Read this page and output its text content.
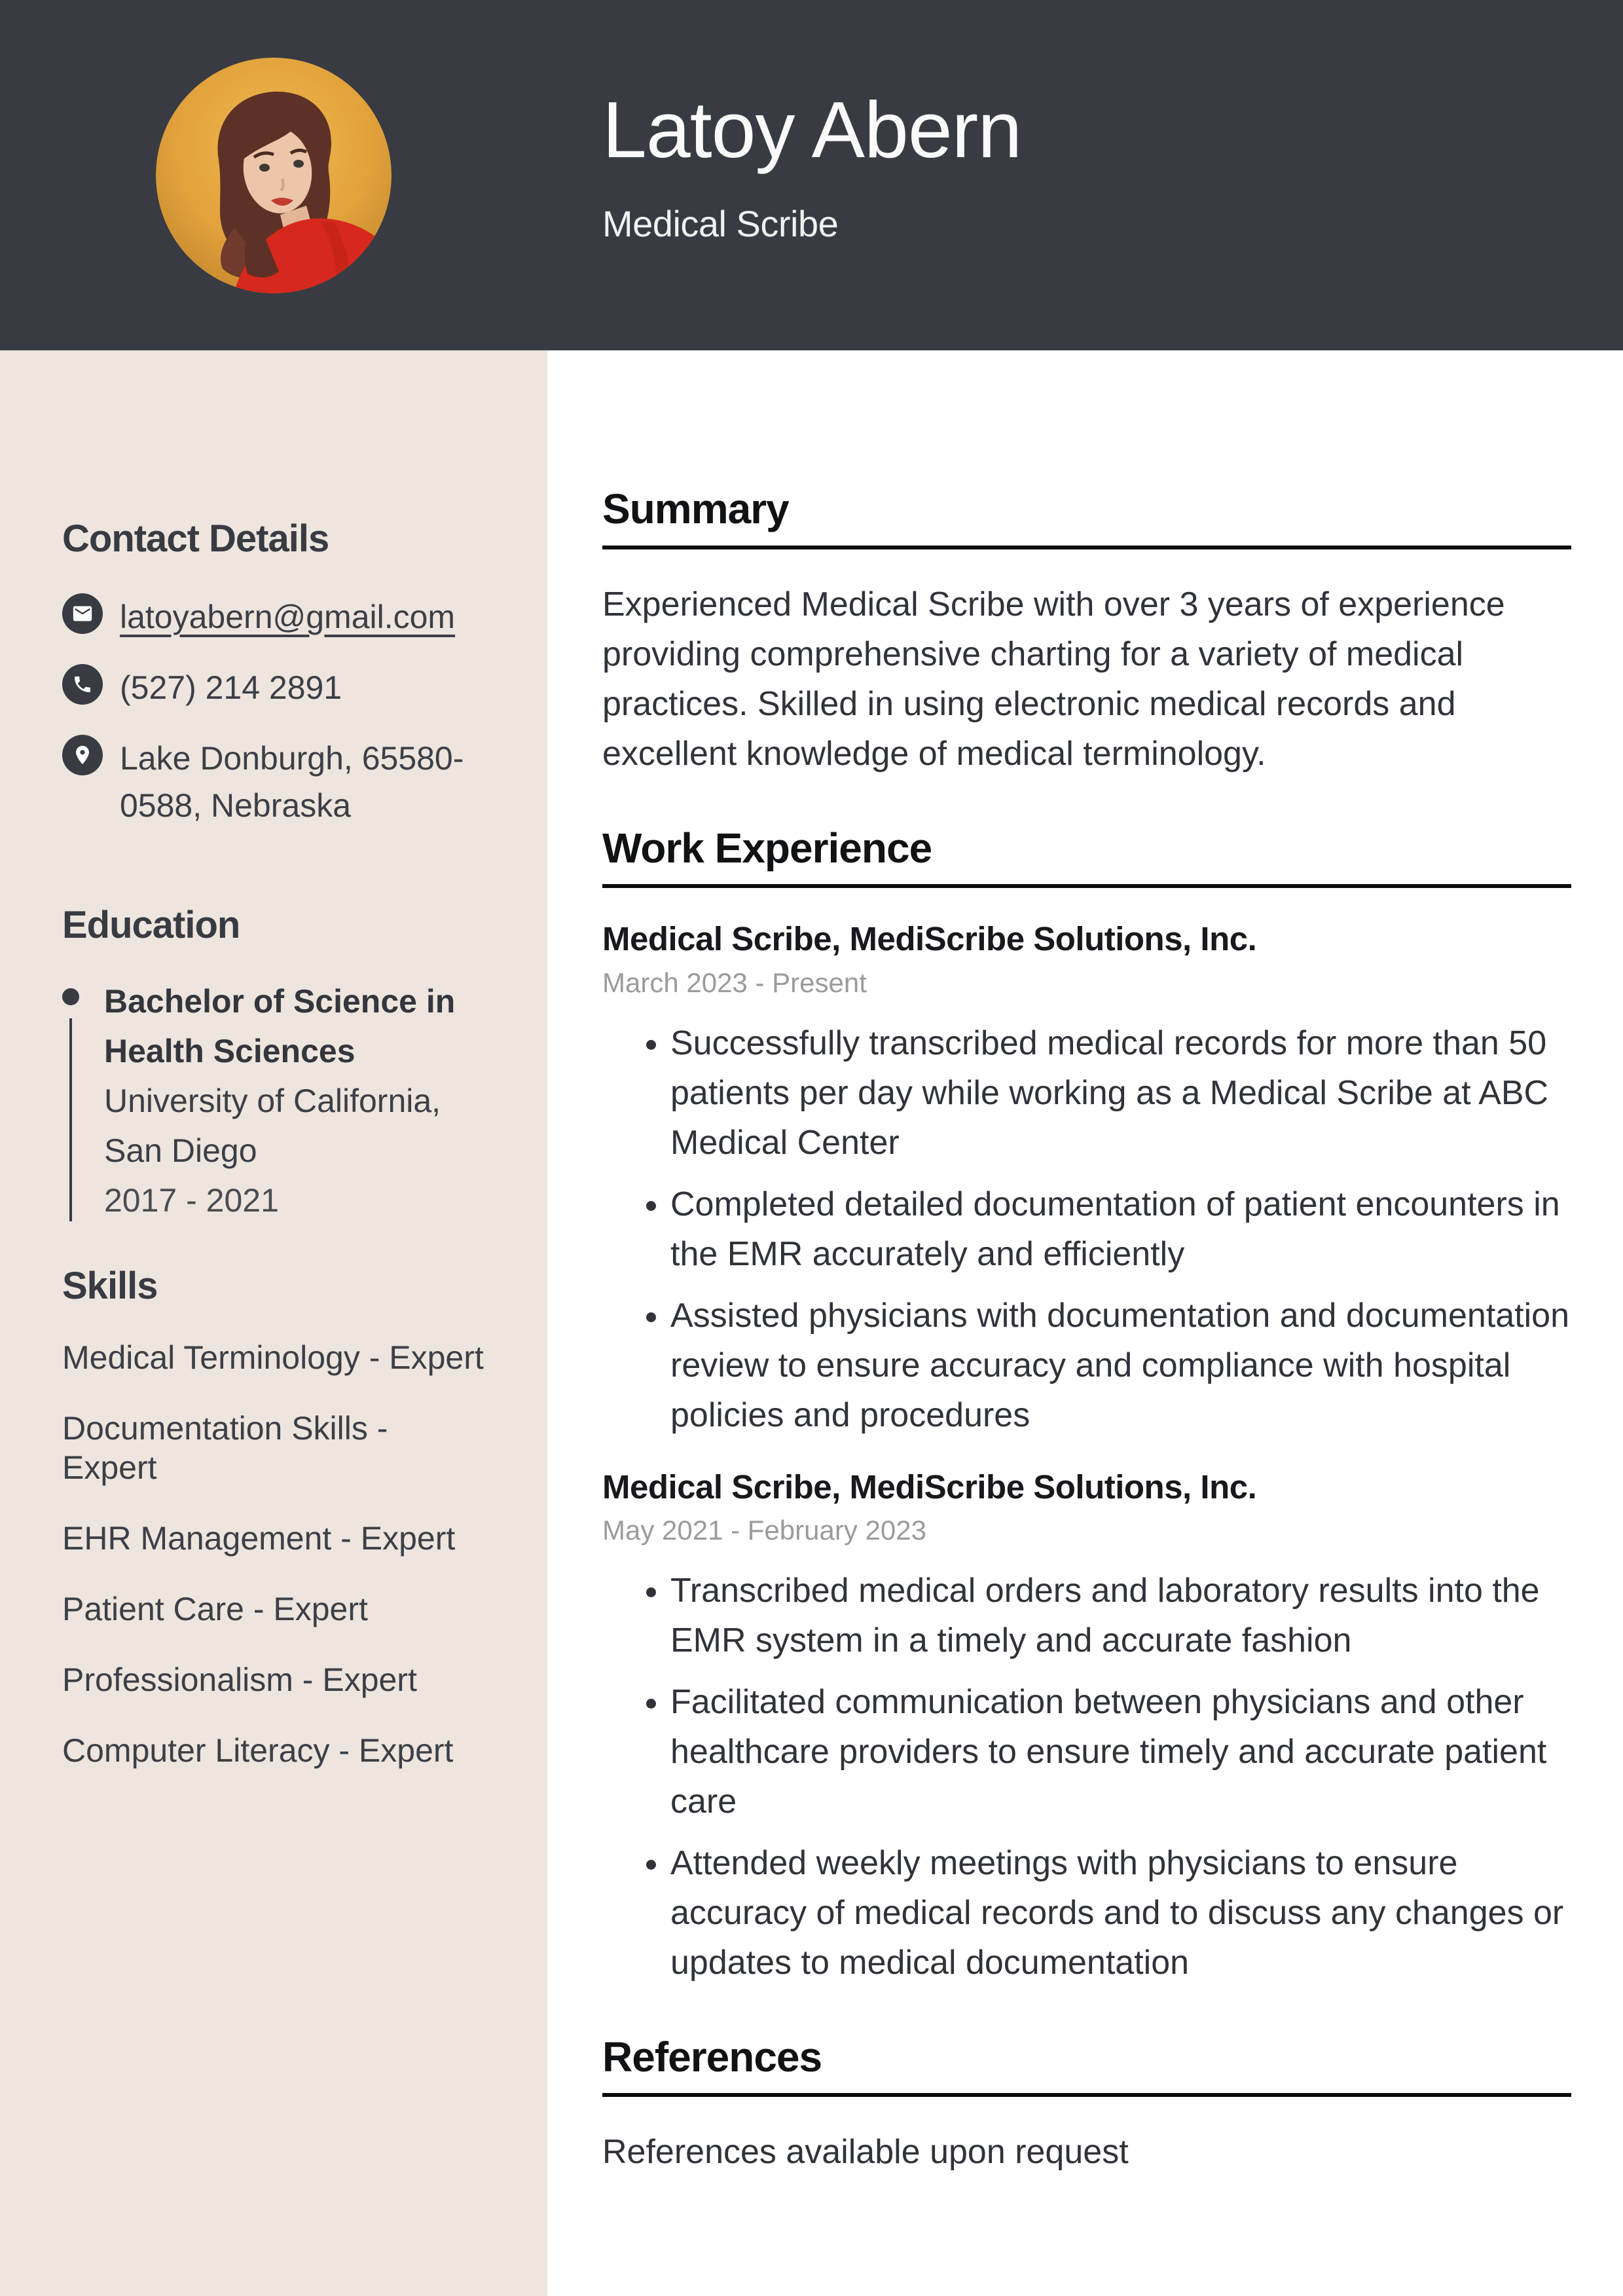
Latoy Abern
Medical Scribe
Contact Details
latoyabern@gmail.com
(527) 214 2891
Lake Donburgh, 65580-0588, Nebraska
Education
Bachelor of Science in Health Sciences
University of California, San Diego
2017 - 2021
Skills
Medical Terminology - Expert
Documentation Skills - Expert
EHR Management - Expert
Patient Care - Expert
Professionalism - Expert
Computer Literacy - Expert
Summary

Experienced Medical Scribe with over 3 years of experience providing comprehensive charting for a variety of medical practices. Skilled in using electronic medical records and excellent knowledge of medical terminology.

Work Experience
Medical Scribe, MediScribe Solutions, Inc.
March 2023 - Present
• Successfully transcribed medical records for more than 50 patients per day while working as a Medical Scribe at ABC Medical Center
• Completed detailed documentation of patient encounters in the EMR accurately and efficiently
• Assisted physicians with documentation and documentation review to ensure accuracy and compliance with hospital policies and procedures
Medical Scribe, MediScribe Solutions, Inc.
May 2021 - February 2023
• Transcribed medical orders and laboratory results into the EMR system in a timely and accurate fashion
• Facilitated communication between physicians and other healthcare providers to ensure timely and accurate patient care
• Attended weekly meetings with physicians to ensure accuracy of medical records and to discuss any changes or updates to medical documentation
References

References available upon request
